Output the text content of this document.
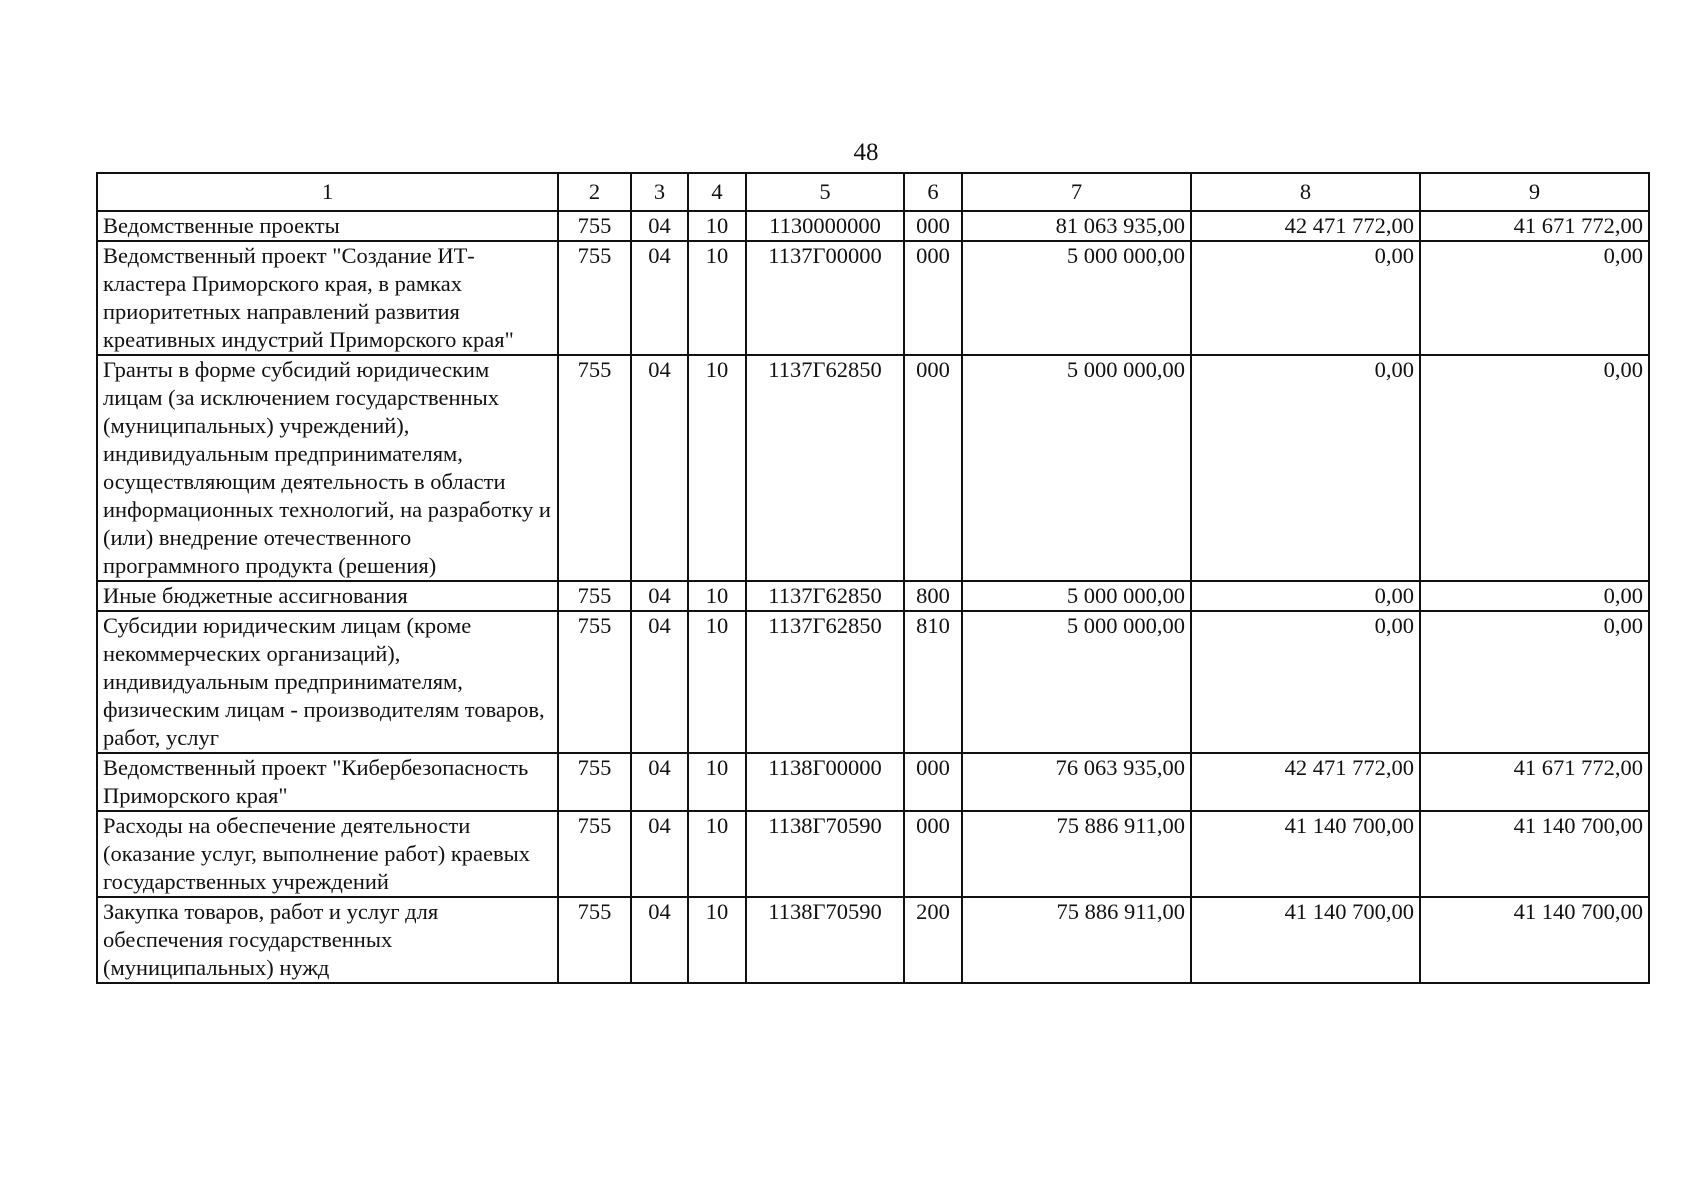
48
1	2	3	4	5	6	7	8	9
Ведомственные проекты	755	04	10	1130000000	000	81 063 935,00	42 471 772,00	41 671 772,00
Ведомственный проект "Создание ИТ-кластера Приморского края, в рамках приоритетных направлений развития креативных индустрий Приморского края"	755	04	10	1137Г00000	000	5 000 000,00	0,00	0,00
Гранты в форме субсидий юридическим лицам (за исключением государственных (муниципальных) учреждений), индивидуальным предпринимателям, осуществляющим деятельность в области информационных технологий, на разработку и (или) внедрение отечественного программного продукта (решения)	755	04	10	1137Г62850	000	5 000 000,00	0,00	0,00
Иные бюджетные ассигнования	755	04	10	1137Г62850	800	5 000 000,00	0,00	0,00
Субсидии юридическим лицам (кроме некоммерческих организаций), индивидуальным предпринимателям, физическим лицам - производителям товаров, работ, услуг	755	04	10	1137Г62850	810	5 000 000,00	0,00	0,00
Ведомственный проект "Кибербезопасность Приморского края"	755	04	10	1138Г00000	000	76 063 935,00	42 471 772,00	41 671 772,00
Расходы на обеспечение деятельности (оказание услуг, выполнение работ) краевых государственных учреждений	755	04	10	1138Г70590	000	75 886 911,00	41 140 700,00	41 140 700,00
Закупка товаров, работ и услуг для обеспечения государственных (муниципальных) нужд	755	04	10	1138Г70590	200	75 886 911,00	41 140 700,00	41 140 700,00
